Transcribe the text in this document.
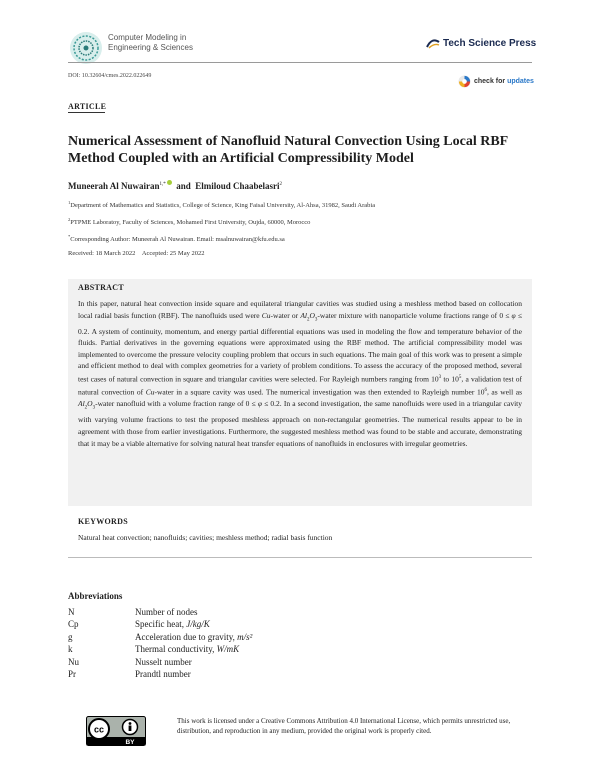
Computer Modeling in
Engineering & Sciences	Tech Science Press
DOI: 10.32604/cmes.2022.022649
check for updates
ARTICLE
Numerical Assessment of Nanofluid Natural Convection Using Local RBF
Method Coupled with an Artificial Compressibility Model
Muneerah Al Nuwairan$^{1,*}$ and Elmiloud Chaabelasri$^2$
$^1$Department of Mathematics and Statistics, College of Science, King Faisal University, Al-Ahsa, 31982, Saudi Arabia
$^2$PTPME Laboratoy, Faculty of Sciences, Mohamed First University, Oujda, 60000, Morocco
*Corresponding Author: Muneerah Al Nuwairan. Email: msalnuwairan@kfu.edu.sa
Received: 18 March 2022 Accepted: 25 May 2022
ABSTRACT
In this paper, natural heat convection inside square and equilateral triangular cavities was studied using a meshless method based on collocation local radial basis function (RBF). The nanofluids used were Cu-water or $Al_2O_3$-water mixture with nanoparticle volume fractions range of 0 ≤ φ ≤ 0.2. A system of continuity, momentum, and energy partial differential equations was used in modeling the flow and temperature behavior of the fluids. Partial derivatives in the governing equations were approximated using the RBF method. The artificial compressibility model was implemented to overcome the pressure velocity coupling problem that occurs in such equations. The main goal of this work was to present a simple and efficient method to deal with complex geometries for a variety of problem conditions. To assess the accuracy of the proposed method, several test cases of natural convection in square and triangular cavities were selected. For Rayleigh numbers ranging from $10^3$ to $10^5$, a validation test of natural convection of Cu-water in a square cavity was used. The numerical investigation was then extended to Rayleigh number $10^6$, as well as $Al_2O_3$-water nanofluid with a volume fraction range of 0 ≤ φ ≤ 0.2. In a second investigation, the same nanofluids were used in a triangular cavity with varying volume fractions to test the proposed meshless approach on non-rectangular geometries. The numerical results appear to be in agreement with those from earlier investigations. Furthermore, the suggested meshless method was found to be stable and accurate, demonstrating that it may be a viable alternative for solving natural heat transfer equations of nanofluids in enclosures with irregular geometries.
KEYWORDS
Natural heat convection; nanofluids; cavities; meshless method; radial basis function
Abbreviations
N	Number of nodes
Cp	Specific heat, J/kg/K
g	Acceleration due to gravity, m/s²
k	Thermal conductivity, W/mK
Nu	Nusselt number
Pr	Prandtl number
cc
BY
This work is licensed under a Creative Commons Attribution 4.0 International License, which permits unrestricted use, distribution, and reproduction in any medium, provided the original work is properly cited.
